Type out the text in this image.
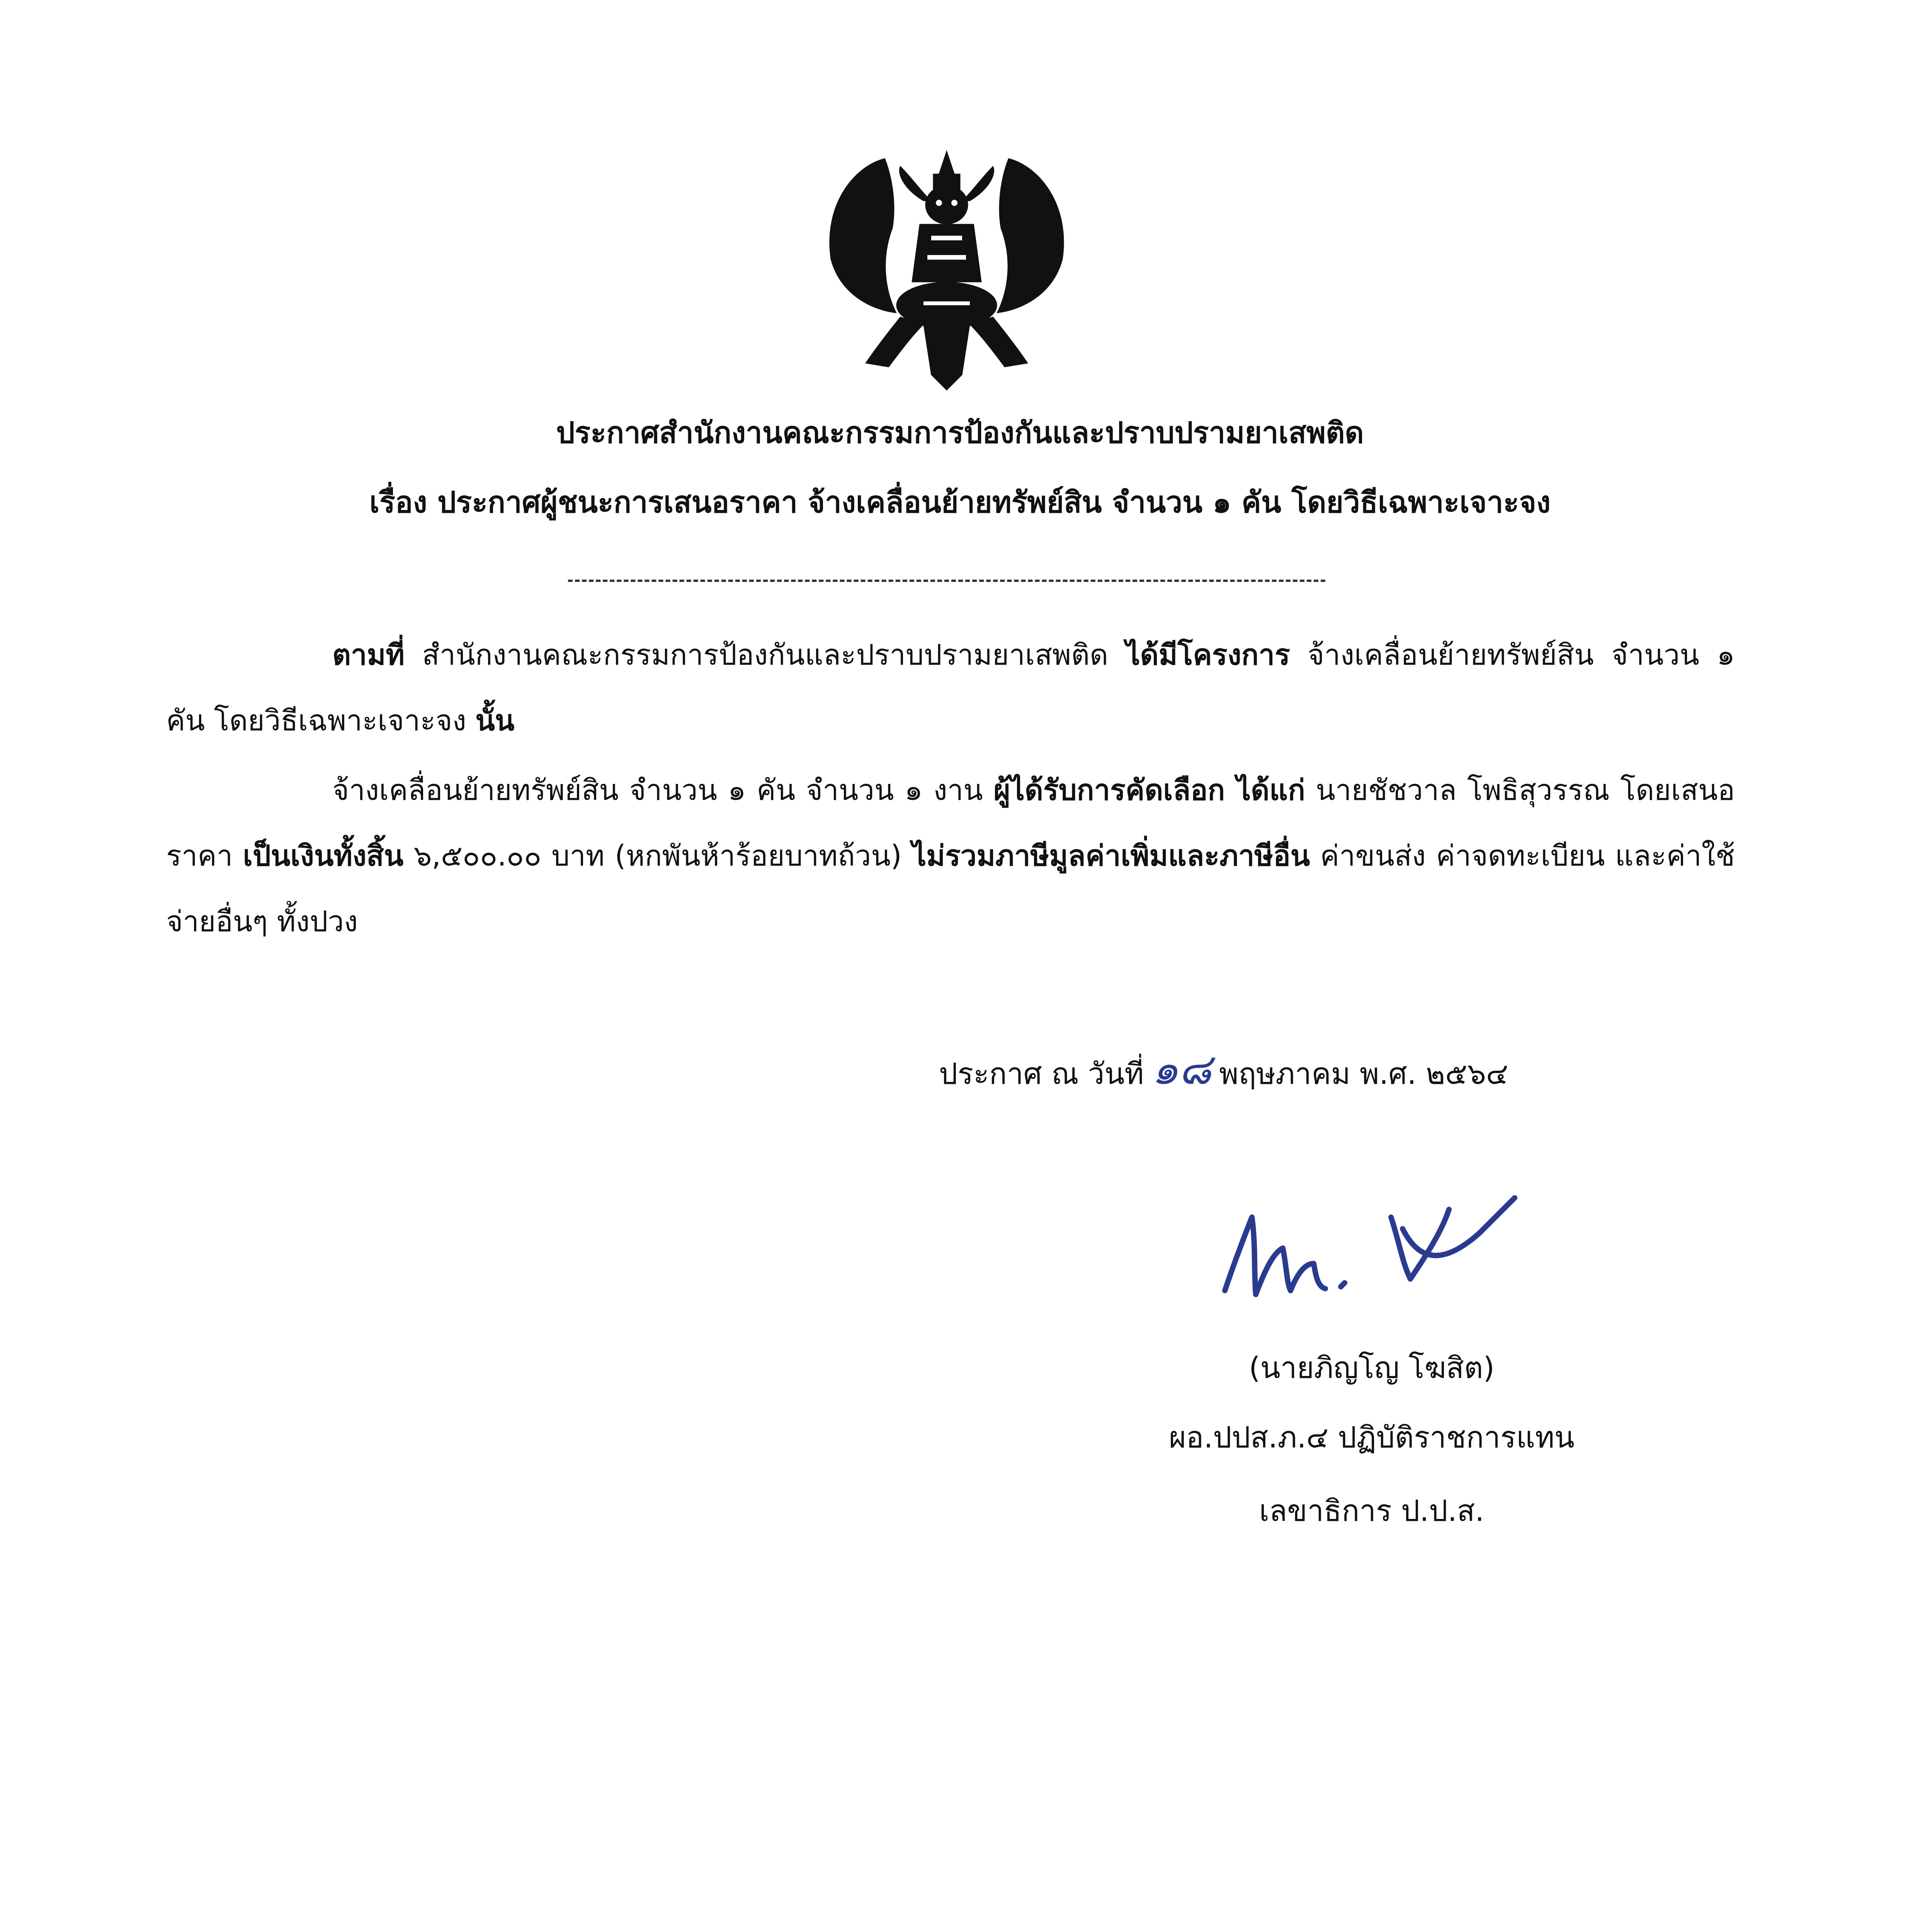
ประกาศสำนักงานคณะกรรมการป้องกันและปราบปรามยาเสพติด
เรื่อง ประกาศผู้ชนะการเสนอราคา จ้างเคลื่อนย้ายทรัพย์สิน จำนวน ๑ คัน โดยวิธีเฉพาะเจาะจง
ตามที่ สำนักงานคณะกรรมการป้องกันและปราบปรามยาเสพติด ได้มีโครงการ จ้างเคลื่อนย้ายทรัพย์สิน จำนวน ๑ คัน โดยวิธีเฉพาะเจาะจง นั้น
จ้างเคลื่อนย้ายทรัพย์สิน จำนวน ๑ คัน จำนวน ๑ งาน ผู้ได้รับการคัดเลือก ได้แก่ นายชัชวาล โพธิสุวรรณ โดยเสนอราคา เป็นเงินทั้งสิ้น ๖,๕๐๐.๐๐ บาท (หกพันห้าร้อยบาทถ้วน) ไม่รวมภาษีมูลค่าเพิ่มและภาษีอื่น ค่าขนส่ง ค่าจดทะเบียน และค่าใช้จ่ายอื่นๆ ทั้งปวง
ประกาศ ณ วันที่ ๑๘ พฤษภาคม พ.ศ. ๒๕๖๔
(นายภิญโญ โฆสิต)
ผอ.ปปส.ภ.๔ ปฏิบัติราชการแทน
เลขาธิการ ป.ป.ส.
